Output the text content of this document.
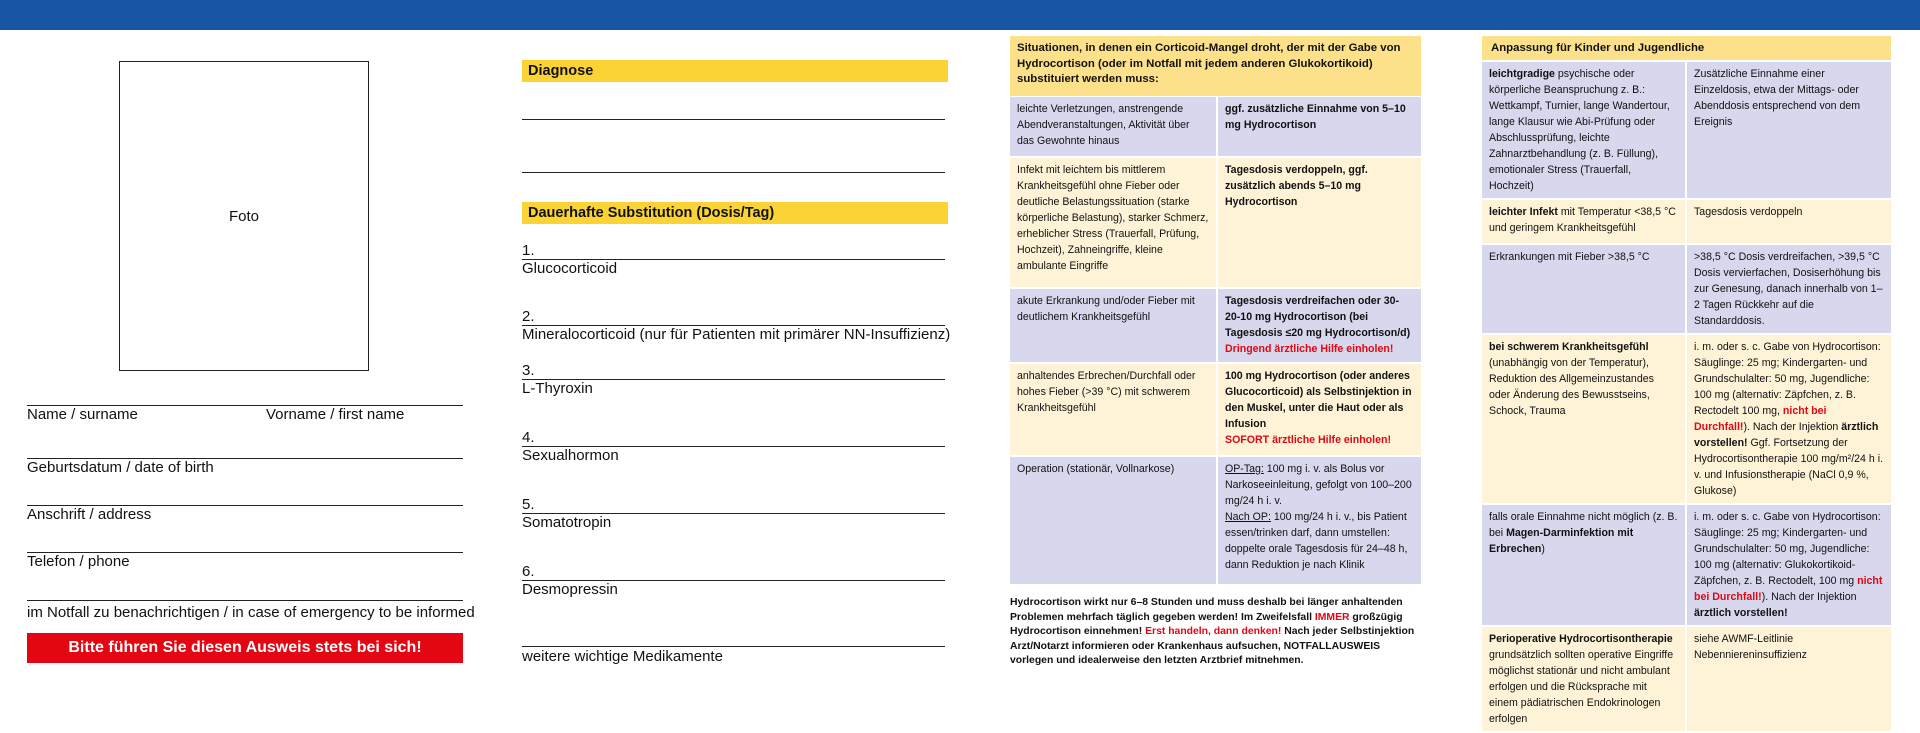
Foto
Name / surname	Vorname / first name
Geburtsdatum / date of birth
Anschrift / address
Telefon / phone
im Notfall zu benachrichtigen / in case of emergency to be informed
Bitte führen Sie diesen Ausweis stets bei sich!
Diagnose
Dauerhafte Substitution (Dosis/Tag)
1.
Glucocorticoid
2.
Mineralocorticoid (nur für Patienten mit primärer NN-Insuffizienz)
3.
L-Thyroxin
4.
Sexualhormon
5.
Somatotropin
6.
Desmopressin
weitere wichtige Medikamente
Situationen, in denen ein Corticoid-Mangel droht, der mit der Gabe von Hydrocortison (oder im Notfall mit jedem anderen Glukokortikoid) substituiert werden muss:
leichte Verletzungen, anstrengende Abendveranstaltungen, Aktivität über das Gewohnte hinaus	ggf. zusätzliche Einnahme von 5–10 mg Hydrocortison
Infekt mit leichtem bis mittlerem Krankheitsgefühl ohne Fieber oder deutliche Belastungssituation (starke körperliche Belastung), starker Schmerz, erheblicher Stress (Trauerfall, Prüfung, Hochzeit), Zahneingriffe, kleine ambulante Eingriffe	Tagesdosis verdoppeln, ggf. zusätzlich abends 5–10 mg Hydrocortison
akute Erkrankung und/oder Fieber mit deutlichem Krankheitsgefühl	Tagesdosis verdreifachen oder 30-20-10 mg Hydrocortison (bei Tagesdosis ≤20 mg Hydrocortison/d)
Dringend ärztliche Hilfe einholen!
anhaltendes Erbrechen/Durchfall oder hohes Fieber (>39 °C) mit schwerem Krankheitsgefühl	100 mg Hydrocortison (oder anderes Glucocorticoid) als Selbstinjektion in den Muskel, unter die Haut oder als Infusion
SOFORT ärztliche Hilfe einholen!
Operation (stationär, Vollnarkose)	OP-Tag: 100 mg i. v. als Bolus vor Narkoseeinleitung, gefolgt von 100–200 mg/24 h i. v.
Nach OP: 100 mg/24 h i. v., bis Patient essen/trinken darf, dann umstellen: doppelte orale Tagesdosis für 24–48 h, dann Reduktion je nach Klinik
Hydrocortison wirkt nur 6–8 Stunden und muss deshalb bei länger anhaltenden Problemen mehrfach täglich gegeben werden! Im Zweifelsfall IMMER großzügig Hydrocortison einnehmen! Erst handeln, dann denken! Nach jeder Selbstinjektion Arzt/Notarzt informieren oder Krankenhaus aufsuchen, NOTFALLAUSWEIS vorlegen und idealerweise den letzten Arztbrief mitnehmen.
Anpassung für Kinder und Jugendliche
leichtgradige psychische oder körperliche Beanspruchung z. B.: Wettkampf, Turnier, lange Wandertour, lange Klausur wie Abi-Prüfung oder Abschlussprüfung, leichte Zahnarztbehandlung (z. B. Füllung), emotionaler Stress (Trauerfall, Hochzeit)	Zusätzliche Einnahme einer Einzeldosis, etwa der Mittags- oder Abenddosis entsprechend von dem Ereignis
leichter Infekt mit Temperatur <38,5 °C und geringem Krankheitsgefühl	Tagesdosis verdoppeln
Erkrankungen mit Fieber >38,5 °C	>38,5 °C Dosis verdreifachen, >39,5 °C Dosis vervierfachen, Dosiserhöhung bis zur Genesung, danach innerhalb von 1–2 Tagen Rückkehr auf die Standarddosis.
bei schwerem Krankheitsgefühl (unabhängig von der Temperatur), Reduktion des Allgemeinzustandes oder Änderung des Bewusstseins, Schock, Trauma	i. m. oder s. c. Gabe von Hydrocortison: Säuglinge: 25 mg; Kindergarten- und Grundschulalter: 50 mg, Jugendliche: 100 mg (alternativ: Zäpfchen, z. B. Rectodelt 100 mg, nicht bei Durchfall!). Nach der Injektion ärztlich vorstellen! Ggf. Fortsetzung der Hydrocortisontherapie 100 mg/m²/24 h i. v. und Infusionstherapie (NaCl 0,9 %, Glukose)
falls orale Einnahme nicht möglich (z. B. bei Magen-Darminfektion mit Erbrechen)	i. m. oder s. c. Gabe von Hydrocortison: Säuglinge: 25 mg; Kindergarten- und Grundschulalter: 50 mg, Jugendliche: 100 mg (alternativ: Glukokortikoid-Zäpfchen, z. B. Rectodelt, 100 mg nicht bei Durchfall!). Nach der Injektion ärztlich vorstellen!
Perioperative Hydrocortisontherapie grundsätzlich sollten operative Eingriffe möglichst stationär und nicht ambulant erfolgen und die Rücksprache mit einem pädiatrischen Endokrinologen erfolgen	siehe AWMF-Leitlinie Nebenniereninsuffizienz
